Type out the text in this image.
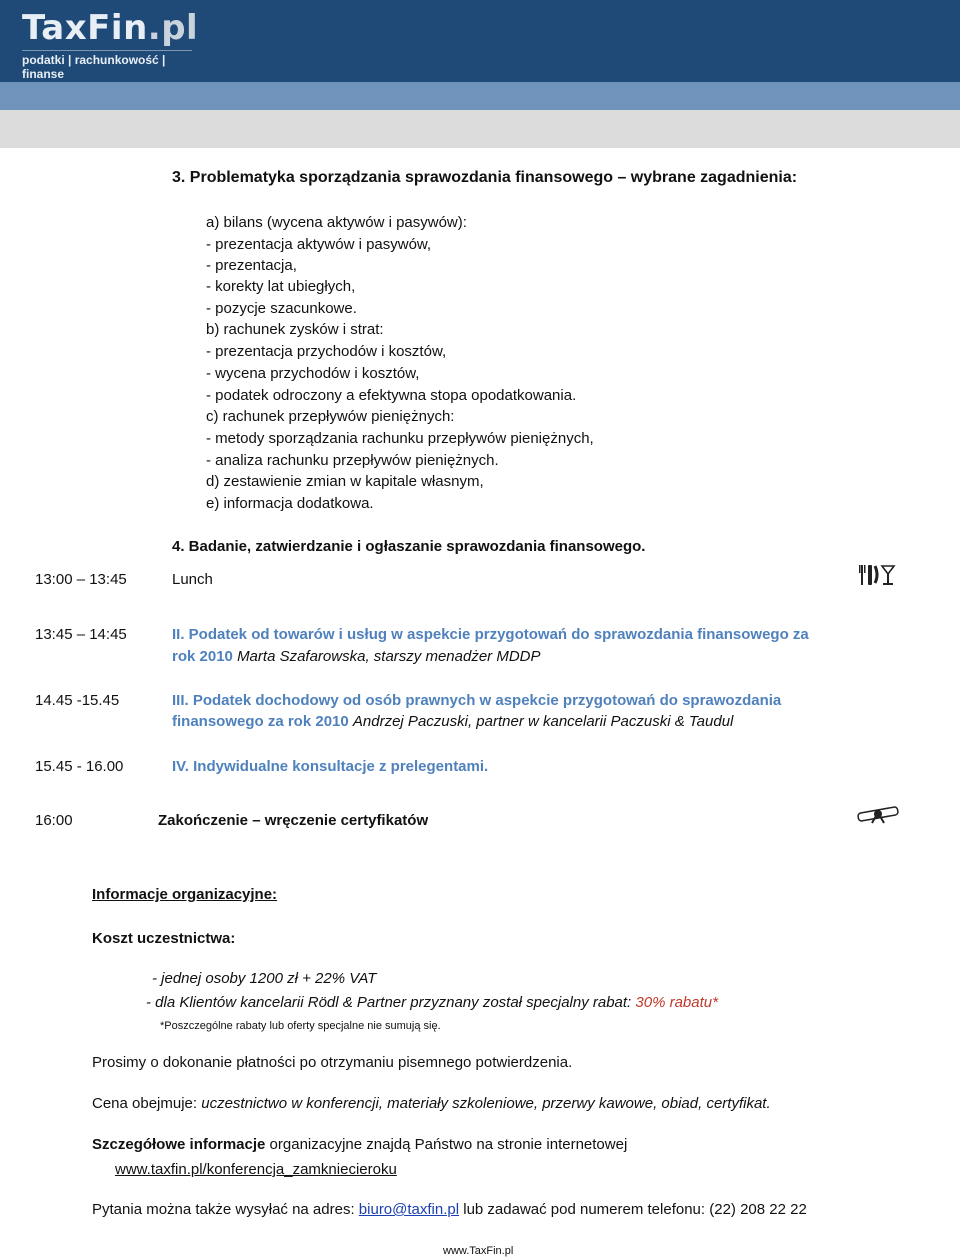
TaxFin.pl
podatki | rachunkowość | finanse
3. Problematyka sporządzania sprawozdania finansowego – wybrane zagadnienia:
a) bilans (wycena aktywów i pasywów):
- prezentacja aktywów i pasywów,
- prezentacja,
- korekty lat ubiegłych,
- pozycje szacunkowe.
b) rachunek zysków i strat:
- prezentacja przychodów i kosztów,
- wycena przychodów i kosztów,
- podatek odroczony a efektywna stopa opodatkowania.
c) rachunek przepływów pieniężnych:
- metody sporządzania rachunku przepływów pieniężnych,
- analiza rachunku przepływów pieniężnych.
d) zestawienie zmian w kapitale własnym,
e) informacja dodatkowa.
4. Badanie, zatwierdzanie i ogłaszanie sprawozdania finansowego.
13:00 – 13:45	Lunch
13:45 – 14:45	II. Podatek od towarów i usług w aspekcie przygotowań do sprawozdania finansowego za
rok 2010 Marta Szafarowska, starszy menadżer MDDP
14.45 -15.45	III. Podatek dochodowy od osób prawnych w aspekcie przygotowań do sprawozdania
finansowego za rok 2010 Andrzej Paczuski, partner w kancelarii Paczuski & Taudul
15.45 - 16.00	IV. Indywidualne konsultacje z prelegentami.
16:00	Zakończenie – wręczenie certyfikatów
Informacje organizacyjne:
Koszt uczestnictwa:
- jednej osoby 1200 zł + 22% VAT
- dla Klientów kancelarii Rödl & Partner przyznany został specjalny rabat: 30% rabatu*
*Poszczególne rabaty lub oferty specjalne nie sumują się.
Prosimy o dokonanie płatności po otrzymaniu pisemnego potwierdzenia.
Cena obejmuje: uczestnictwo w konferencji, materiały szkoleniowe, przerwy kawowe, obiad, certyfikat.
Szczegółowe informacje organizacyjne znajdą Państwo na stronie internetowej
www.taxfin.pl/konferencja_zamkniecieroku
Pytania można także wysyłać na adres: biuro@taxfin.pl lub zadawać pod numerem telefonu: (22) 208 22 22
www.TaxFin.pl
